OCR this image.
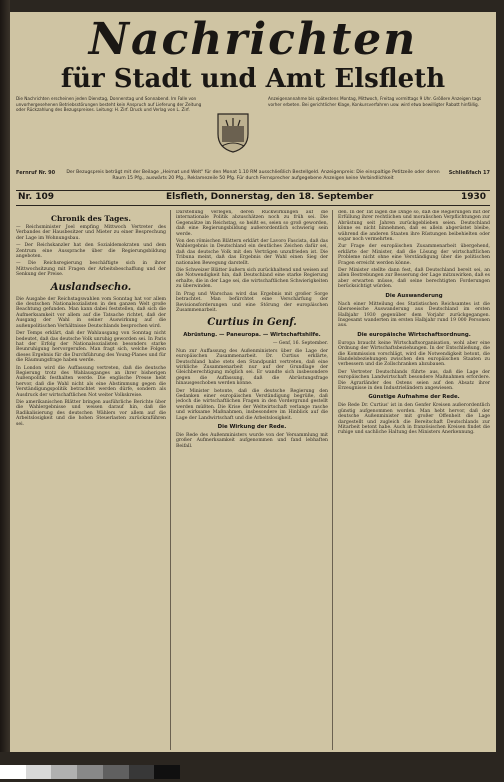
Nachrichten
für Stadt und Amt Elsfleth
Die Nachrichten erscheinen jeden Dienstag, Donnerstag und Sonnabend. Im Falle von unvorhergesehenen Betriebsstörungen besteht kein Anspruch auf Lieferung der Zeitung oder Rückzahlung des Bezugspreises. Leitung: H. Zirf. Druck und Verlag von L. Zirf.
Anzeigenannahme bis spätestens Montag, Mittwoch, Freitag vormittags 9 Uhr. Größere Anzeigen tags vorher erbeten. Bei gerichtlicher Klage, Konkursverfahren usw. wird etwa bewilligter Rabatt hinfällig.
Fernruf Nr. 90	Schließfach 17
Der Bezugspreis beträgt mit der Beilage „Heimat und Welt" für den Monat 1.10 RM ausschließlich Bestellgeld. Anzeigenpreis: Die einspaltige Petitzeile oder deren Raum 15 Pfg., auswärts 20 Pfg., Reklamezeile 50 Pfg. Für durch Fernsprecher aufgegebene Anzeigen keine Verbindlichkeit
Nr. 109	Elsfleth, Donnerstag, den 18. September	1930
Chronik des Tages.

— Reichsminister Joel empfing Mittwoch Vertreter des Verbandes der Hausbesitzer und Mieter zu einer Besprechung der Lage im Wohnungsbau.

— Der Reichskanzler hat den Sozialdemokraten und dem Zentrum eine Aussprache über die Regierungsbildung angeboten.

— Die Reichsregierung beschäftigte sich in ihrer Mittwochsitzung mit Fragen der Arbeitsbeschaffung und der Senkung der Preise.

Auslandsecho.

Die Ausgabe der Reichstagswahlen vom Sonntag hat vor allem die deutschen Nationalsozialisten in den ganzen Welt große Beachtung gefunden. Man kann dabei feststellen, daß sich die Aufmerksamkeit vor allem auf die Tatsache richtet, daß der Ausgang der Wahl in seiner Auswirkung auf die außenpolitischen Verhältnisse Deutschlands besprochen wird.

Der Temps erklärt, daß der Wahlausgang von Sonntag nicht bedeutet, daß das deutsche Volk unruhig geworden sei. In Paris hat der Erfolg der Nationalsozialisten besonders starke Beunruhigung hervorgerufen. Man fragt sich, welche Folgen dieses Ergebnis für die Durchführung des Young-Planes und für die Räumungsfrage haben werde.

In London wird die Auffassung vertreten, daß die deutsche Regierung trotz des Wahlausganges an ihrer bisherigen Außenpolitik festhalten werde. Die englische Presse hebt hervor, daß die Wahl nicht als eine Abstimmung gegen die Verständigungspolitik betrachtet werden dürfe, sondern als Ausdruck der wirtschaftlichen Not weiter Volkskreise.

Die amerikanischen Blätter bringen ausführliche Berichte über die Wahlergebnisse und weisen darauf hin, daß die Radikalisierung des deutschen Wählers vor allem auf die Arbeitslosigkeit und die hohen Steuerlasten zurückzuführen sei.

Darstellung verlegen, deren Rückwirkungen auf die internationale Politik abzuschätzen noch zu früh sei. Die Gegensätze im Reichstag, so heißt es, seien so groß geworden, daß eine Regierungsbildung außerordentlich schwierig sein werde.

Von den römischen Blättern erklärt der Lavoro Fascista, daß das Wahlergebnis in Deutschland ein deutliches Zeichen dafür sei, daß das deutsche Volk mit den Verträgen unzufrieden ist. Die Tribuna meint, daß das Ergebnis der Wahl einen Sieg der nationalen Bewegung darstellt.

Die Schweizer Blätter äußern sich zurückhaltend und weisen auf die Notwendigkeit hin, daß Deutschland eine starke Regierung erhalte, die in der Lage sei, die wirtschaftlichen Schwierigkeiten zu überwinden.

In Prag und Warschau wird das Ergebnis mit großer Sorge betrachtet. Man befürchtet eine Verschärfung der Revisionsforderungen und eine Störung der europäischen Zusammenarbeit.

Curtius in Genf.
Abrüstung. — Paneuropa. — Wirtschaftshilfe.

— Genf, 16. September.

Nun zur Auffassung des Außenministers über die Lage der europäischen Zusammenarbeit. Dr. Curtius erklärte, Deutschland habe stets den Standpunkt vertreten, daß eine wirkliche Zusammenarbeit nur auf der Grundlage der Gleichberechtigung möglich sei. Er wandte sich insbesondere gegen die Auffassung, daß die Abrüstungsfrage hinausgeschoben werden könne.

Der Minister betonte, daß die deutsche Regierung den Gedanken einer europäischen Verständigung begrüße, daß jedoch die wirtschaftlichen Fragen in den Vordergrund gestellt werden müßten. Die Krise der Weltwirtschaft verlange rasche und wirksame Maßnahmen, insbesondere im Hinblick auf die Lage der Landwirtschaft und die Arbeitslosigkeit.

Die Wirkung der Rede.

Die Rede des Außenministers wurde von der Versammlung mit großer Aufmerksamkeit aufgenommen und fand lebhaften Beifall.

den. In der Tat lägen die Dinge so, daß die Regierungen mit der Erfüllung ihrer rechtlichen und moralischen Verpflichtungen zur Abrüstung seit Jahren zurückgeblieben seien. Deutschland könne es nicht hinnehmen, daß es allein abgerüstet bleibe, während die anderen Staaten ihre Rüstungen beibehielten oder sogar noch vermehrten.

Zur Frage der europäischen Zusammenarbeit übergehend, erklärte der Minister, daß die Lösung der wirtschaftlichen Probleme nicht ohne eine Verständigung über die politischen Fragen erreicht werden könne.

Der Minister stellte dann fest, daß Deutschland bereit sei, an allen Bestrebungen zur Besserung der Lage mitzuwirken, daß es aber erwarten müsse, daß seine berechtigten Forderungen berücksichtigt würden.

Die Auswanderung

Nach einer Mitteilung des Statistischen Reichsamtes ist die überseeische Auswanderung aus Deutschland im ersten Halbjahr 1930 gegenüber dem Vorjahr zurückgegangen. Insgesamt wanderten im ersten Halbjahr rund 19 000 Personen aus.

Die europäische Wirtschaftsordnung.

Europa braucht keine Wirtschaftsorganisation, wohl aber eine Ordnung der Wirtschaftsbeziehungen. In der Entschließung, die die Kommission vorschlägt, wird die Notwendigkeit betont, die Handelsbeziehungen zwischen den europäischen Staaten zu verbessern und die Zollschranken abzubauen.

Der Vertreter Deutschlands führte aus, daß die Lage der europäischen Landwirtschaft besondere Maßnahmen erfordere. Die Agrarländer des Ostens seien auf den Absatz ihrer Erzeugnisse in den Industrieländern angewiesen.

Günstige Aufnahme der Rede.

Die Rede Dr. Curtius' ist in den Genfer Kreisen außerordentlich günstig aufgenommen worden. Man hebt hervor, daß der deutsche Außenminister mit großer Offenheit die Lage dargestellt und zugleich die Bereitschaft Deutschlands zur Mitarbeit betont habe. Auch in französischen Kreisen findet die ruhige und sachliche Haltung des Ministers Anerkennung.
